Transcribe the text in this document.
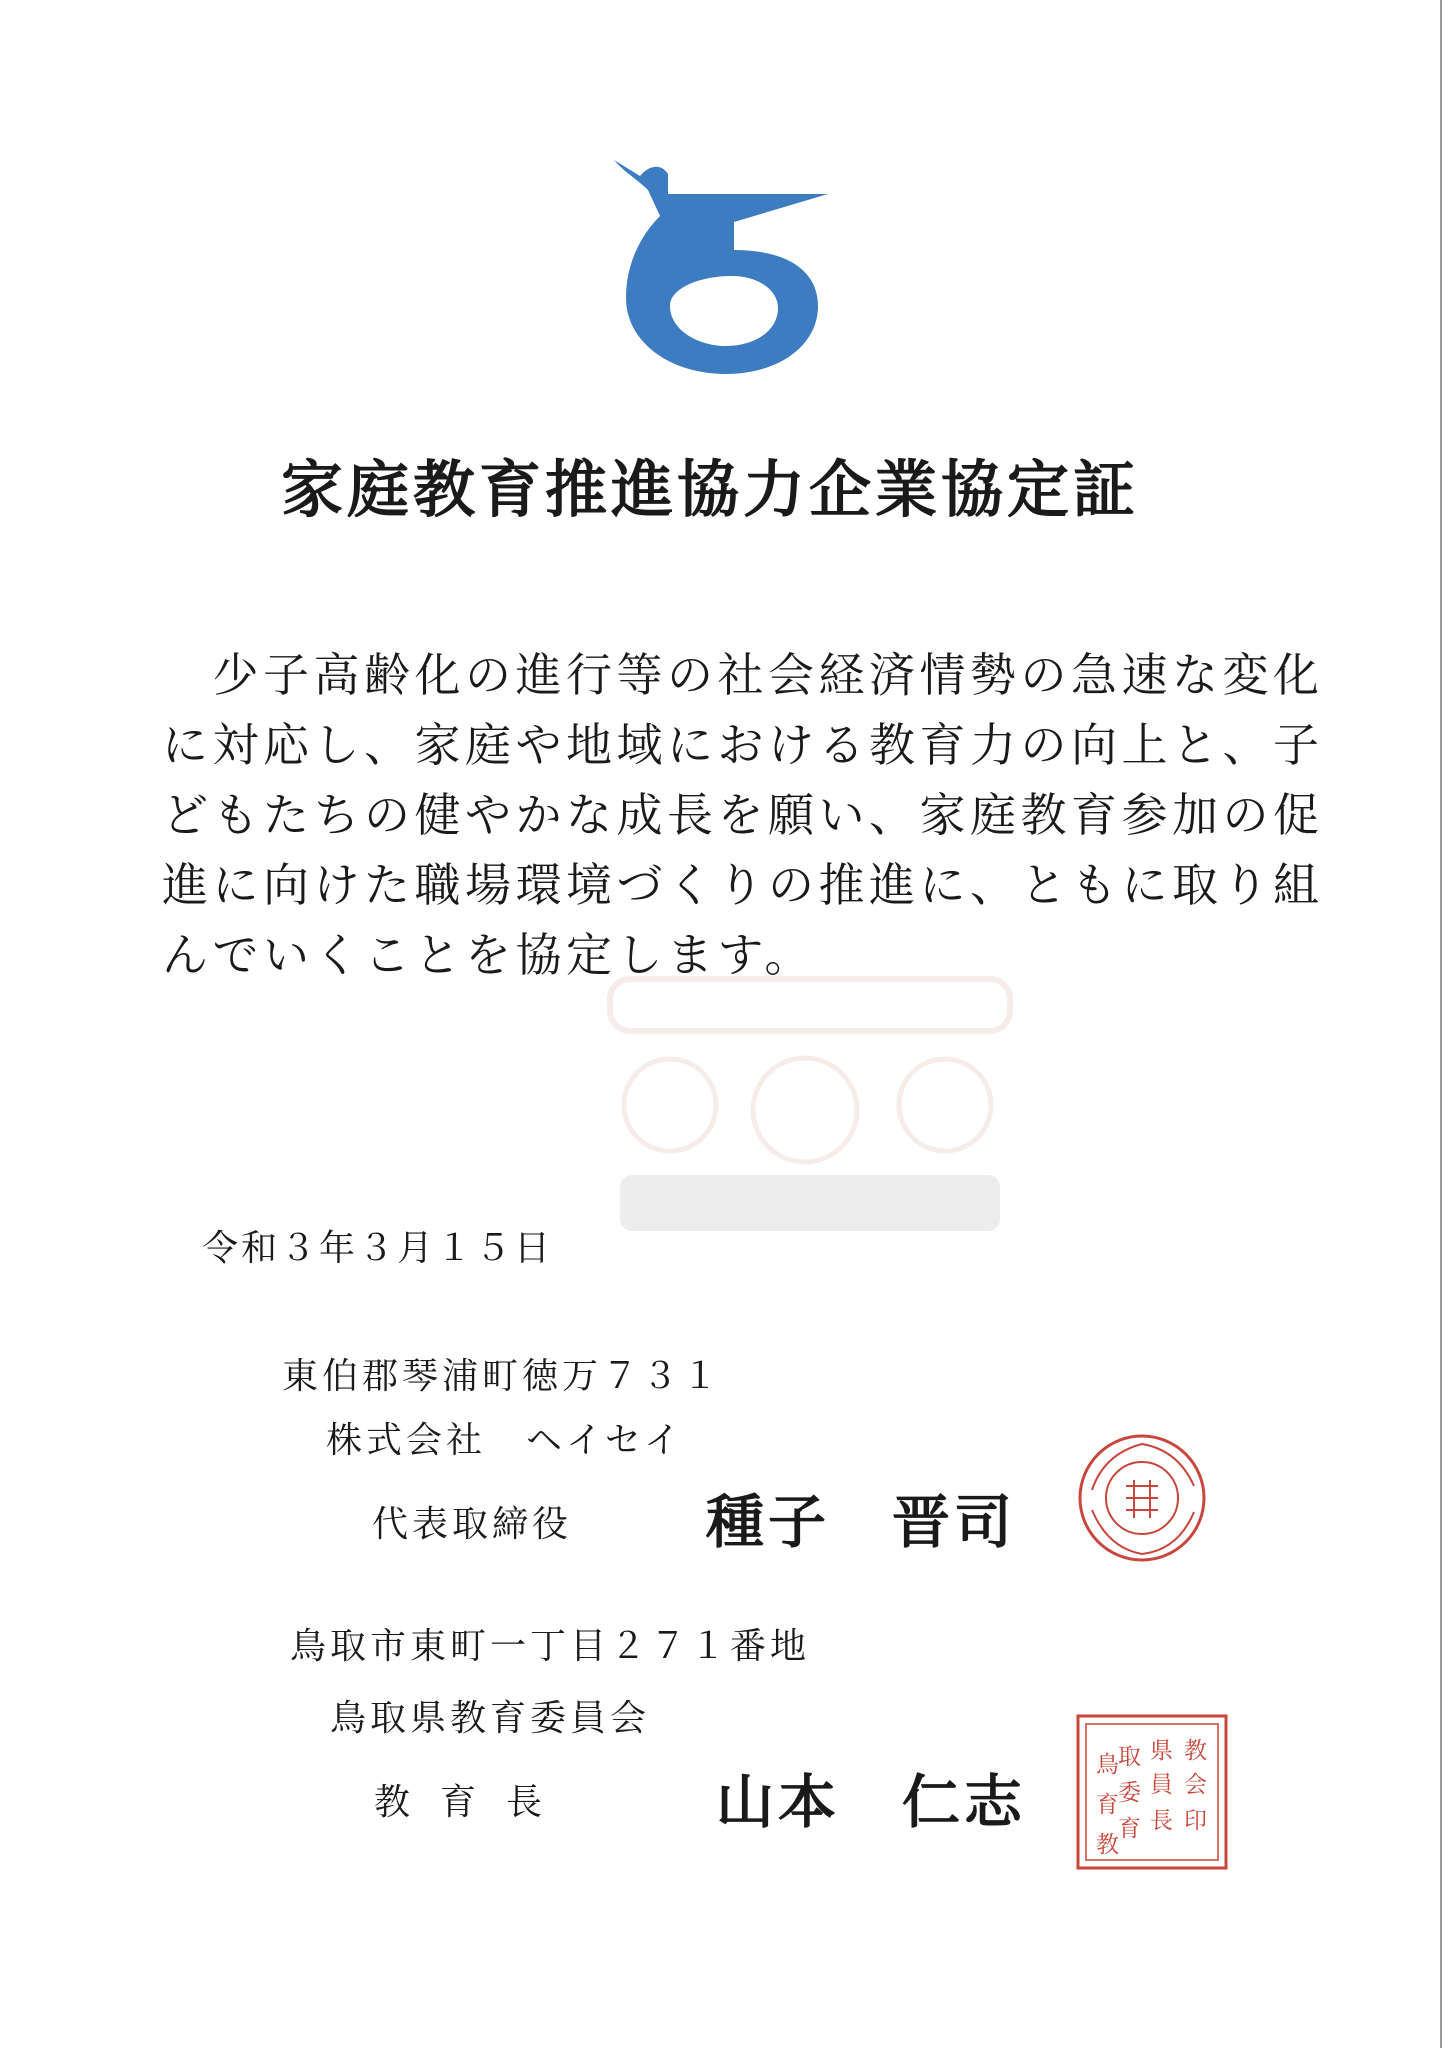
家庭教育推進協力企業協定証
　少子高齢化の進行等の社会経済情勢の急速な変化
に対応し、家庭や地域における教育力の向上と、子
どもたちの健やかな成長を願い、家庭教育参加の促
進に向けた職場環境づくりの推進に、ともに取り組
んでいくことを協定します。
令和３年３月１５日
東伯郡琴浦町徳万７３１
株式会社　ヘイセイ
代表取締役 種子　晋司
鳥取市東町一丁目２７１番地
鳥取県教育委員会
教育長 山本　仁志
教
県
鳥
会
員
取
印
長
委
育
育
教
